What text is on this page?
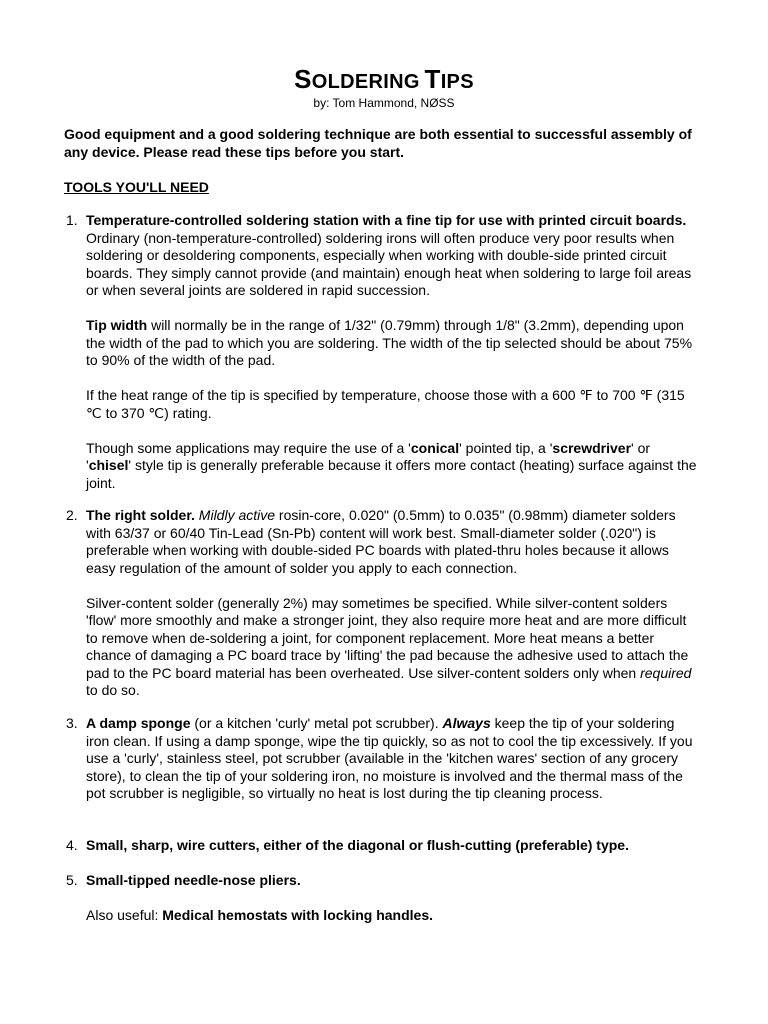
SOLDERING TIPS
by: Tom Hammond, NØSS
Good equipment and a good soldering technique are both essential to successful assembly of any device. Please read these tips before you start.
TOOLS YOU'LL NEED
1. Temperature-controlled soldering station with a fine tip for use with printed circuit boards. Ordinary (non-temperature-controlled) soldering irons will often produce very poor results when soldering or desoldering components, especially when working with double-side printed circuit boards. They simply cannot provide (and maintain) enough heat when soldering to large foil areas or when several joints are soldered in rapid succession.

Tip width will normally be in the range of 1/32" (0.79mm) through 1/8" (3.2mm), depending upon the width of the pad to which you are soldering. The width of the tip selected should be about 75% to 90% of the width of the pad.

If the heat range of the tip is specified by temperature, choose those with a 600 ℉ to 700 ℉ (315 ℃ to 370 ℃) rating.

Though some applications may require the use of a 'conical' pointed tip, a 'screwdriver' or 'chisel' style tip is generally preferable because it offers more contact (heating) surface against the joint.

2. The right solder. Mildly active rosin-core, 0.020" (0.5mm) to 0.035" (0.98mm) diameter solders with 63/37 or 60/40 Tin-Lead (Sn-Pb) content will work best. Small-diameter solder (.020") is preferable when working with double-sided PC boards with plated-thru holes because it allows easy regulation of the amount of solder you apply to each connection.

Silver-content solder (generally 2%) may sometimes be specified. While silver-content solders 'flow' more smoothly and make a stronger joint, they also require more heat and are more difficult to remove when de-soldering a joint, for component replacement. More heat means a better chance of damaging a PC board trace by 'lifting' the pad because the adhesive used to attach the pad to the PC board material has been overheated. Use silver-content solders only when required to do so.

3. A damp sponge (or a kitchen 'curly' metal pot scrubber). Always keep the tip of your soldering iron clean. If using a damp sponge, wipe the tip quickly, so as not to cool the tip excessively. If you use a 'curly', stainless steel, pot scrubber (available in the 'kitchen wares' section of any grocery store), to clean the tip of your soldering iron, no moisture is involved and the thermal mass of the pot scrubber is negligible, so virtually no heat is lost during the tip cleaning process.

4. Small, sharp, wire cutters, either of the diagonal or flush-cutting (preferable) type.

5. Small-tipped needle-nose pliers.

Also useful: Medical hemostats with locking handles.
